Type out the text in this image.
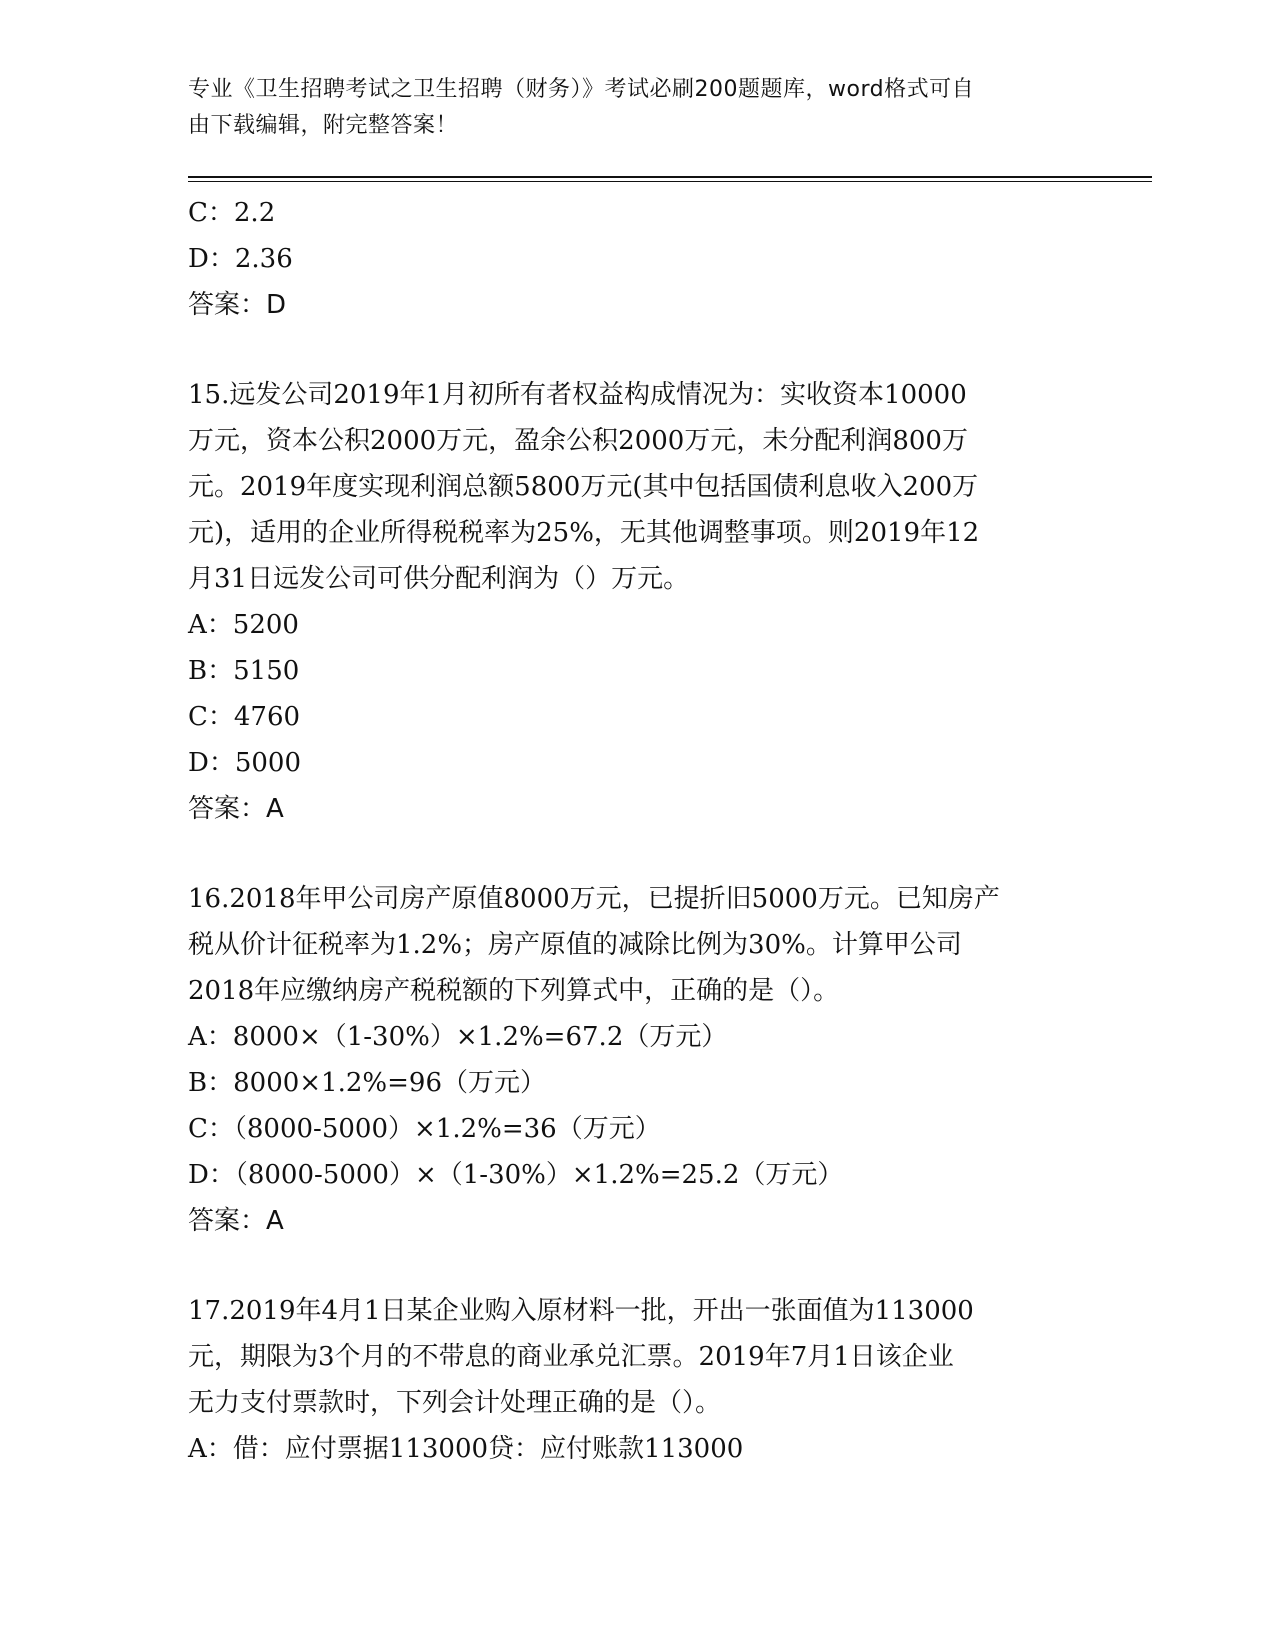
专业《卫生招聘考试之卫生招聘（财务）》考试必刷200题题库，word格式可自
由下载编辑，附完整答案！

C：2.2

D：2.36

答案：D

15.远发公司2019年1月初所有者权益构成情况为：实收资本10000

万元，资本公积2000万元，盈余公积2000万元，未分配利润800万

元。2019年度实现利润总额5800万元(其中包括国债利息收入200万

元)，适用的企业所得税税率为25%，无其他调整事项。则2019年12

月31日远发公司可供分配利润为（）万元。

A：5200

B：5150

C：4760

D：5000

答案：A

16.2018年甲公司房产原值8000万元，已提折旧5000万元。已知房产

税从价计征税率为1.2%；房产原值的减除比例为30%。计算甲公司

2018年应缴纳房产税税额的下列算式中，正确的是（）。

A：8000×（1-30%）×1.2%=67.2（万元）

B：8000×1.2%=96（万元）

C：（8000-5000）×1.2%=36（万元）

D：（8000-5000）×（1-30%）×1.2%=25.2（万元）

答案：A

17.2019年4月1日某企业购入原材料一批，开出一张面值为113000

元，期限为3个月的不带息的商业承兑汇票。2019年7月1日该企业

无力支付票款时，下列会计处理正确的是（）。

A：借：应付票据113000贷：应付账款113000
